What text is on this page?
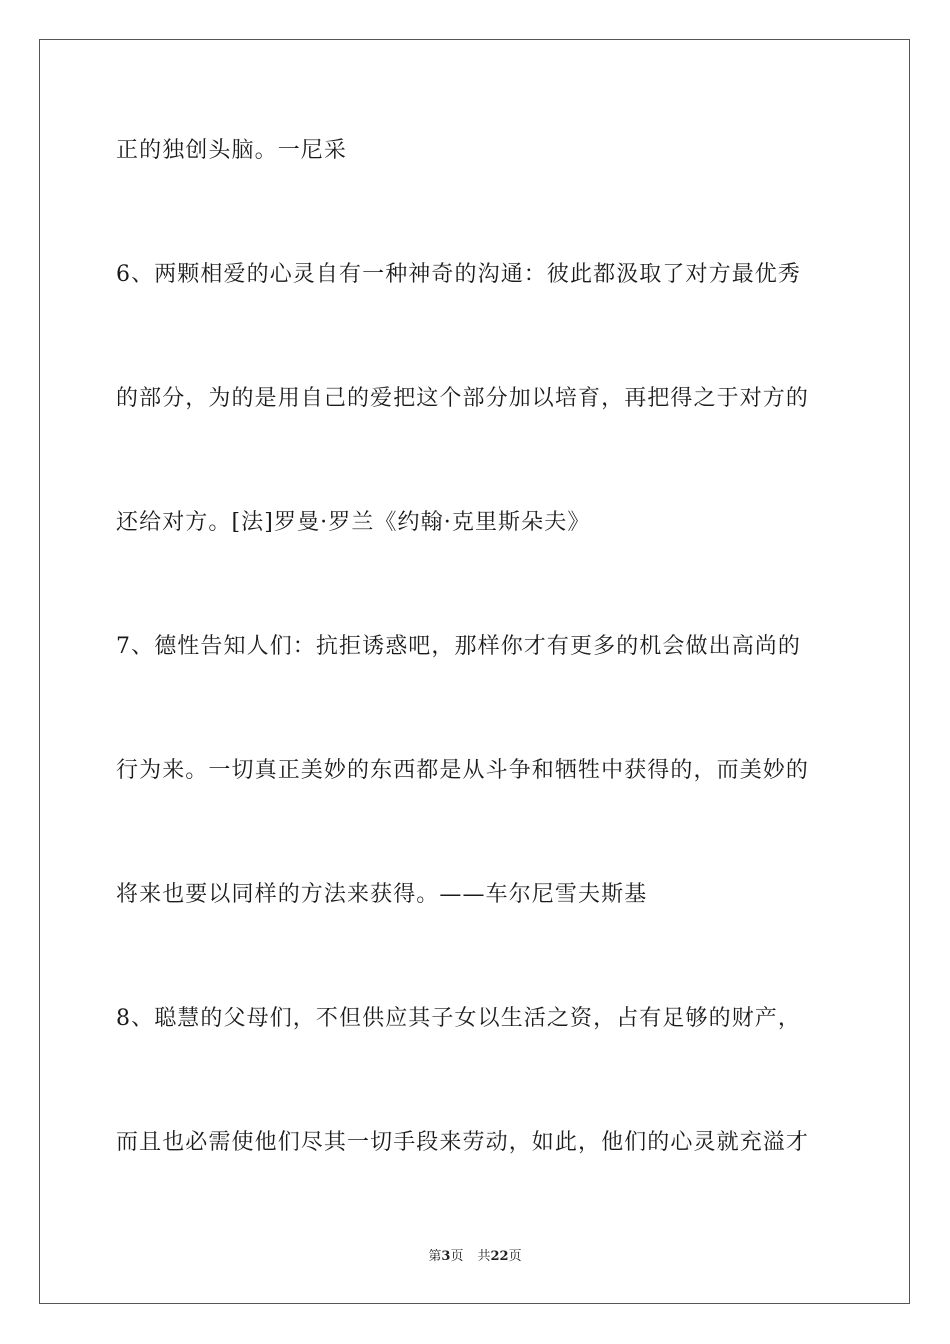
正的独创头脑。一尼采
6、两颗相爱的心灵自有一种神奇的沟通：彼此都汲取了对方最优秀
的部分，为的是用自己的爱把这个部分加以培育，再把得之于对方的
还给对方。[法]罗曼·罗兰《约翰·克里斯朵夫》
7、德性告知人们：抗拒诱惑吧，那样你才有更多的机会做出高尚的
行为来。一切真正美妙的东西都是从斗争和牺牲中获得的，而美妙的
将来也要以同样的方法来获得。——车尔尼雪夫斯基
8、聪慧的父母们，不但供应其子女以生活之资，占有足够的财产，
而且也必需使他们尽其一切手段来劳动，如此，他们的心灵就充溢才
第3页 共22页
